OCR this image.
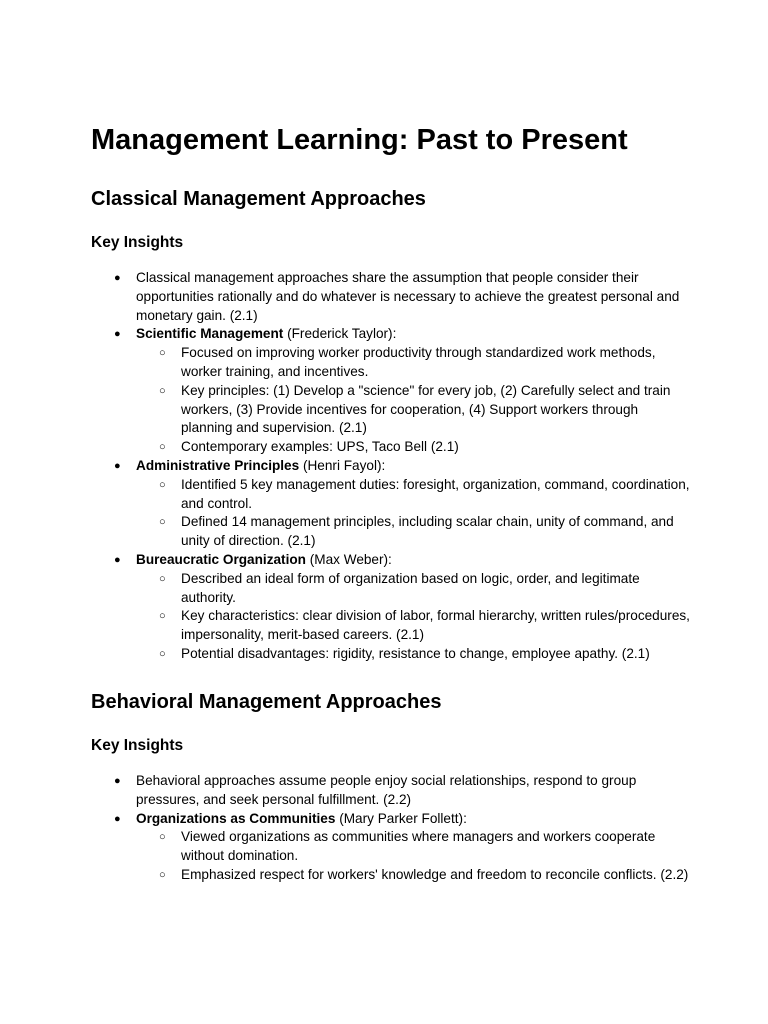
Management Learning: Past to Present
Classical Management Approaches
Key Insights
● Classical management approaches share the assumption that people consider their opportunities rationally and do whatever is necessary to achieve the greatest personal and monetary gain. (2.1)
● Scientific Management (Frederick Taylor):
○ Focused on improving worker productivity through standardized work methods, worker training, and incentives.
○ Key principles: (1) Develop a "science" for every job, (2) Carefully select and train workers, (3) Provide incentives for cooperation, (4) Support workers through planning and supervision. (2.1)
○ Contemporary examples: UPS, Taco Bell (2.1)
● Administrative Principles (Henri Fayol):
○ Identified 5 key management duties: foresight, organization, command, coordination, and control.
○ Defined 14 management principles, including scalar chain, unity of command, and unity of direction. (2.1)
● Bureaucratic Organization (Max Weber):
○ Described an ideal form of organization based on logic, order, and legitimate authority.
○ Key characteristics: clear division of labor, formal hierarchy, written rules/procedures, impersonality, merit-based careers. (2.1)
○ Potential disadvantages: rigidity, resistance to change, employee apathy. (2.1)
Behavioral Management Approaches
Key Insights
● Behavioral approaches assume people enjoy social relationships, respond to group pressures, and seek personal fulfillment. (2.2)
● Organizations as Communities (Mary Parker Follett):
○ Viewed organizations as communities where managers and workers cooperate without domination.
○ Emphasized respect for workers' knowledge and freedom to reconcile conflicts. (2.2)
